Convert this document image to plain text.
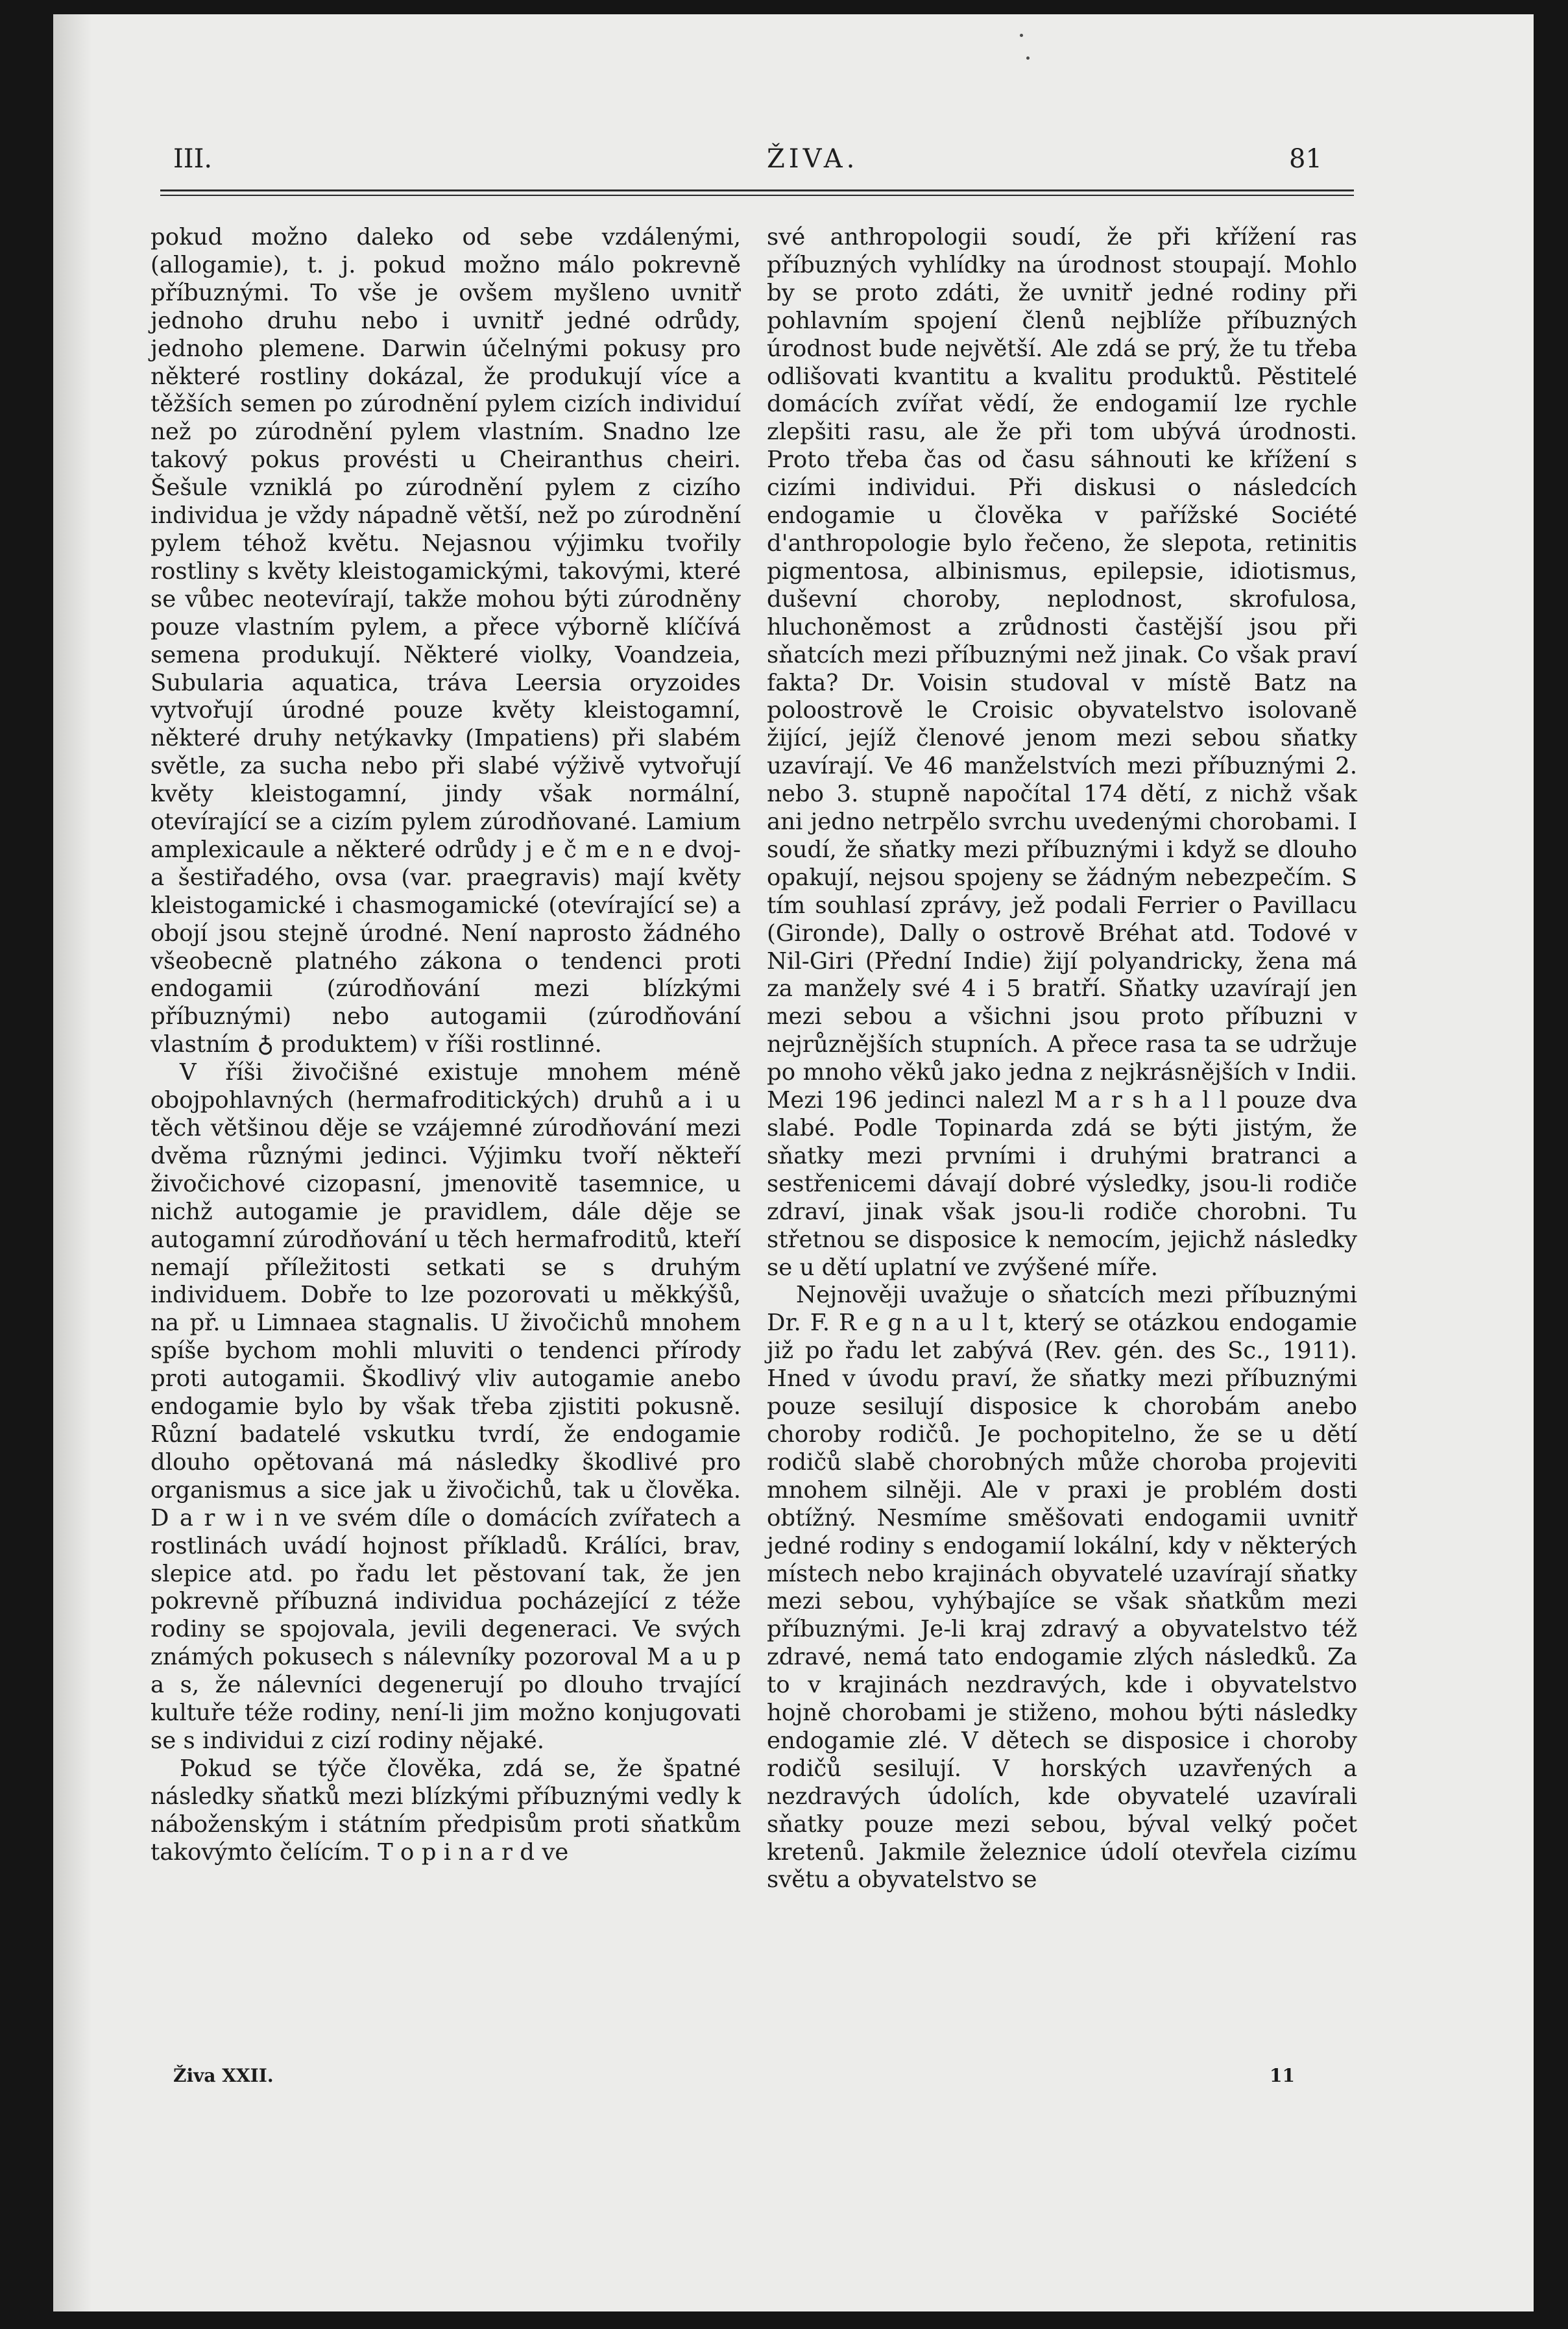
III.	ŽIVA.	81

pokud možno daleko od sebe vzdálenými, (allogamie), t. j. pokud možno málo pokrevně příbuznými. To vše je ovšem myšleno uvnitř jednoho druhu nebo i uvnitř jedné odrůdy, jednoho plemene. Darwin účelnými pokusy pro některé rostliny dokázal, že produkují více a těžších semen po zúrodnění pylem cizích individuí než po zúrodnění pylem vlastním. Snadno lze takový pokus provésti u Cheiranthus cheiri. Šešule vzniklá po zúrodnění pylem z cizího individua je vždy nápadně větší, než po zúrodnění pylem téhož květu. Nejasnou výjimku tvořily rostliny s květy kleistogamickými, takovými, které se vůbec neotevírají, takže mohou býti zúrodněny pouze vlastním pylem, a přece výborně klíčívá semena produkují. Některé violky, Voandzeia, Subularia aquatica, tráva Leersia oryzoides vytvořují úrodné pouze květy kleistogamní, některé druhy netýkavky (Impatiens) při slabém světle, za sucha nebo při slabé výživě vytvořují květy kleistogamní, jindy však normální, otevírající se a cizím pylem zúrodňované. Lamium amplexicaule a některé odrůdy j e č m e n e dvoj- a šestiřadého, ovsa (var. praegravis) mají květy kleistogamické i chasmogamické (otevírající se) a obojí jsou stejně úrodné. Není naprosto žádného všeobecně platného zákona o tendenci proti endogamii (zúrodňování mezi blízkými příbuznými) nebo autogamii (zúrodňování vlastním ♁ produktem) v říši rostlinné.

V říši živočišné existuje mnohem méně obojpohlavných (hermafroditických) druhů a i u těch většinou děje se vzájemné zúrodňování mezi dvěma různými jedinci. Výjimku tvoří někteří živočichové cizopasní, jmenovitě tasemnice, u nichž autogamie je pravidlem, dále děje se autogamní zúrodňování u těch hermafroditů, kteří nemají příležitosti setkati se s druhým individuem. Dobře to lze pozorovati u měkkýšů, na př. u Limnaea stagnalis. U živočichů mnohem spíše bychom mohli mluviti o tendenci přírody proti autogamii. Škodlivý vliv autogamie anebo endogamie bylo by však třeba zjistiti pokusně. Různí badatelé vskutku tvrdí, že endogamie dlouho opětovaná má následky škodlivé pro organismus a sice jak u živočichů, tak u člověka. D a r w i n ve svém díle o domácích zvířatech a rostlinách uvádí hojnost příkladů. Králíci, brav, slepice atd. po řadu let pěstovaní tak, že jen pokrevně příbuzná individua pocházející z téže rodiny se spojovala, jevili degeneraci. Ve svých známých pokusech s nálevníky pozoroval M a u p a s, že nálevníci degenerují po dlouho trvající kultuře téže rodiny, není-li jim možno konjugovati se s individui z cizí rodiny nějaké.

Pokud se týče člověka, zdá se, že špatné následky sňatků mezi blízkými příbuznými vedly k náboženským i státním předpisům proti sňatkům takovýmto čelícím. T o p i n a r d ve

své anthropologii soudí, že při křížení ras příbuzných vyhlídky na úrodnost stoupají. Mohlo by se proto zdáti, že uvnitř jedné rodiny při pohlavním spojení členů nejblíže příbuzných úrodnost bude největší. Ale zdá se prý, že tu třeba odlišovati kvantitu a kvalitu produktů. Pěstitelé domácích zvířat vědí, že endogamií lze rychle zlepšiti rasu, ale že při tom ubývá úrodnosti. Proto třeba čas od času sáhnouti ke křížení s cizími individui. Při diskusi o následcích endogamie u člověka v pařížské Société d'anthropologie bylo řečeno, že slepota, retinitis pigmentosa, albinismus, epilepsie, idiotismus, duševní choroby, neplodnost, skrofulosa, hluchoněmost a zrůdnosti častější jsou při sňatcích mezi příbuznými než jinak. Co však praví fakta? Dr. Voisin studoval v místě Batz na poloostrově le Croisic obyvatelstvo isolovaně žijící, jejíž členové jenom mezi sebou sňatky uzavírají. Ve 46 manželstvích mezi příbuznými 2. nebo 3. stupně napočítal 174 dětí, z nichž však ani jedno netrpělo svrchu uvedenými chorobami. I soudí, že sňatky mezi příbuznými i když se dlouho opakují, nejsou spojeny se žádným nebezpečím. S tím souhlasí zprávy, jež podali Ferrier o Pavillacu (Gironde), Dally o ostrově Bréhat atd. Todové v Nil-Giri (Přední Indie) žijí polyandricky, žena má za manžely své 4 i 5 bratří. Sňatky uzavírají jen mezi sebou a všichni jsou proto příbuzni v nejrůznějších stupních. A přece rasa ta se udržuje po mnoho věků jako jedna z nejkrásnějších v Indii. Mezi 196 jedinci nalezl M a r s h a l l pouze dva slabé. Podle Topinarda zdá se býti jistým, že sňatky mezi prvními i druhými bratranci a sestřenicemi dávají dobré výsledky, jsou-li rodiče zdraví, jinak však jsou-li rodiče chorobni. Tu střetnou se disposice k nemocím, jejichž následky se u dětí uplatní ve zvýšené míře.

Nejnověji uvažuje o sňatcích mezi příbuznými Dr. F. R e g n a u l t, který se otázkou endogamie již po řadu let zabývá (Rev. gén. des Sc., 1911). Hned v úvodu praví, že sňatky mezi příbuznými pouze sesilují disposice k chorobám anebo choroby rodičů. Je pochopitelno, že se u dětí rodičů slabě chorobných může choroba projeviti mnohem silněji. Ale v praxi je problém dosti obtížný. Nesmíme směšovati endogamii uvnitř jedné rodiny s endogamií lokální, kdy v některých místech nebo krajinách obyvatelé uzavírají sňatky mezi sebou, vyhýbajíce se však sňatkům mezi příbuznými. Je-li kraj zdravý a obyvatelstvo též zdravé, nemá tato endogamie zlých následků. Za to v krajinách nezdravých, kde i obyvatelstvo hojně chorobami je stiženo, mohou býti následky endogamie zlé. V dětech se disposice i choroby rodičů sesilují. V horských uzavřených a nezdravých údolích, kde obyvatelé uzavírali sňatky pouze mezi sebou, býval velký počet kretenů. Jakmile železnice údolí otevřela cizímu světu a obyvatelstvo se

Živa XXII.	11
